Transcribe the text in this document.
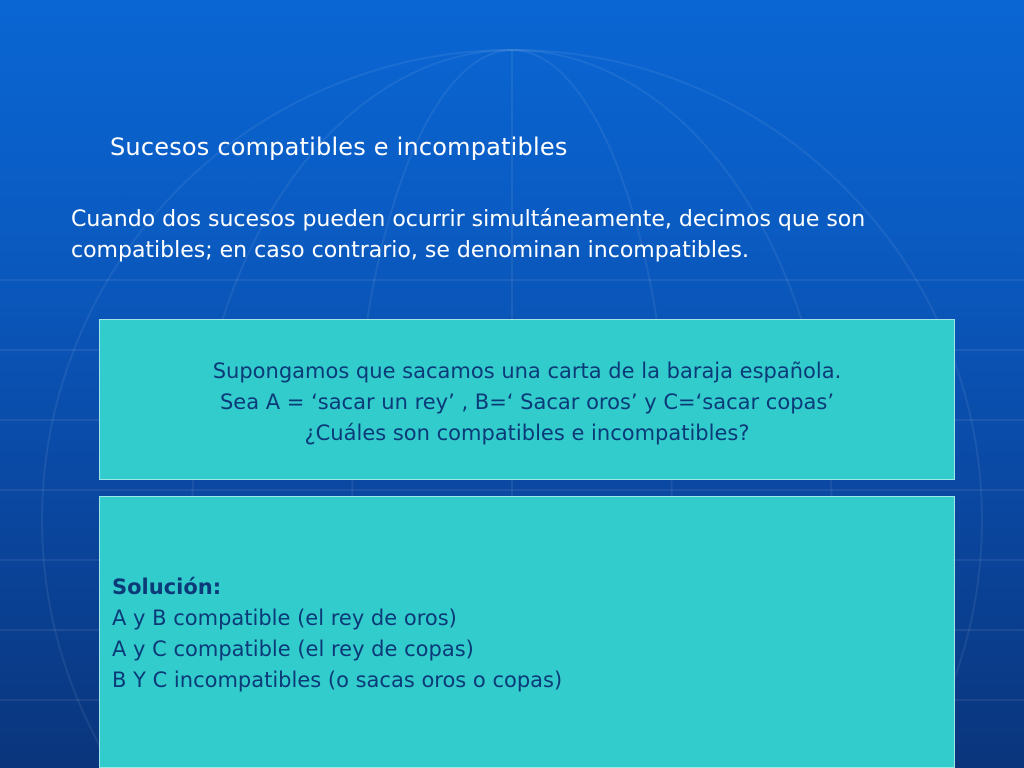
Sucesos compatibles e incompatibles
Cuando dos sucesos pueden ocurrir simultáneamente, decimos que son
compatibles; en caso contrario, se denominan incompatibles.

Supongamos que sacamos una carta de la baraja española.

Sea A = ‘sacar un rey’ , B=‘ Sacar oros’ y C=‘sacar copas’

¿Cuáles son compatibles e incompatibles?

Solución:

A y B compatible (el rey de oros)

A y C compatible (el rey de copas)

B Y C incompatibles (o sacas oros o copas)
